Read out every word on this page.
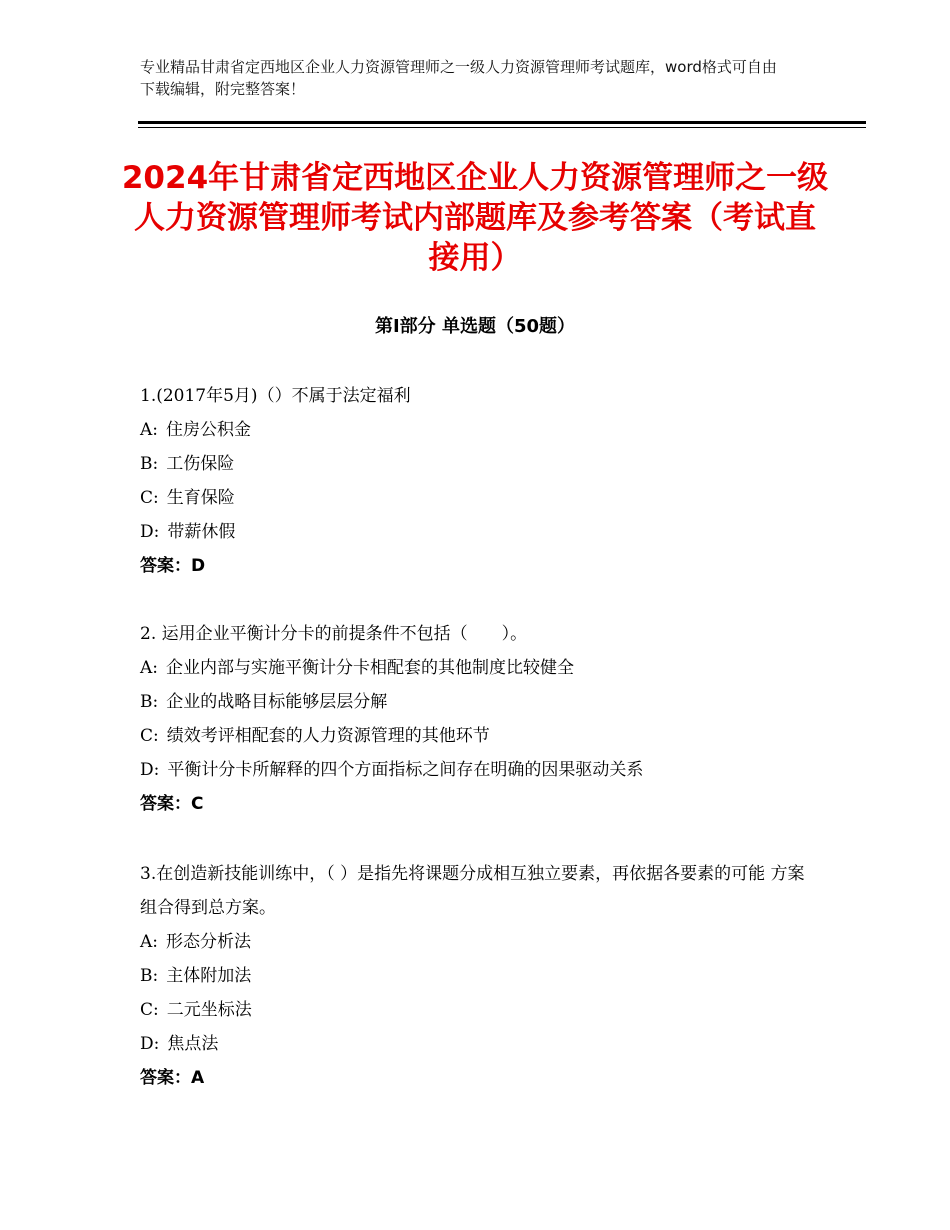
专业精品甘肃省定西地区企业人力资源管理师之一级人力资源管理师考试题库，word格式可自由下载编辑，附完整答案！
2024年甘肃省定西地区企业人力资源管理师之一级人力资源管理师考试内部题库及参考答案（考试直接用）
第Ⅰ部分 单选题（50题）
1.(2017年5月)（）不属于法定福利
A: 住房公积金
B: 工伤保险
C: 生育保险
D: 带薪休假
答案：D
2. 运用企业平衡计分卡的前提条件不包括（　　）。
A: 企业内部与实施平衡计分卡相配套的其他制度比较健全
B: 企业的战略目标能够层层分解
C: 绩效考评相配套的人力资源管理的其他环节
D: 平衡计分卡所解释的四个方面指标之间存在明确的因果驱动关系
答案：C
3.在创造新技能训练中，（ ）是指先将课题分成相互独立要素，再依据各要素的可能 方案组合得到总方案。
A: 形态分析法
B: 主体附加法
C: 二元坐标法
D: 焦点法
答案：A
